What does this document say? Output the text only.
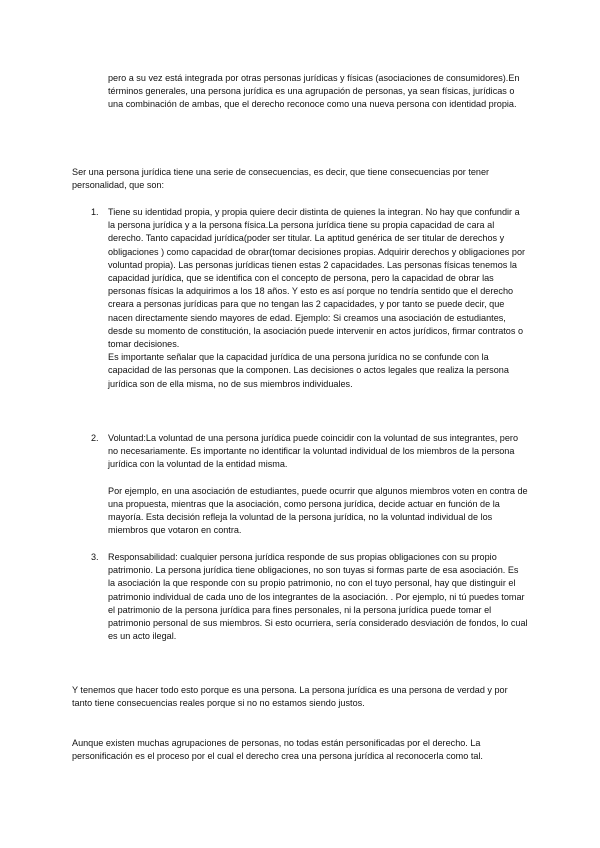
pero a su vez está integrada por otras personas jurídicas y físicas (asociaciones de consumidores).En términos generales, una persona jurídica es una agrupación de personas, ya sean físicas, jurídicas o una combinación de ambas, que el derecho reconoce como una nueva persona con identidad propia.

Ser una persona jurídica tiene una serie de consecuencias, es decir, que tiene consecuencias por tener personalidad, que son:

1. Tiene su identidad propia, y propia quiere decir distinta de quienes la integran. No hay que confundir a la persona jurídica y a la persona física.La persona jurídica tiene su propia capacidad de cara al derecho. Tanto capacidad jurídica(poder ser titular. La aptitud genérica de ser titular de derechos y obligaciones ) como capacidad de obrar(tomar decisiones propias. Adquirir derechos y obligaciones por voluntad propia). Las personas jurídicas tienen estas 2 capacidades. Las personas físicas tenemos la capacidad jurídica, que se identifica con el concepto de persona, pero la capacidad de obrar las personas físicas la adquirimos a los 18 años. Y esto es así porque no tendría sentido que el derecho creara a personas jurídicas para que no tengan las 2 capacidades, y por tanto se puede decir, que nacen directamente siendo mayores de edad. Ejemplo: Si creamos una asociación de estudiantes, desde su momento de constitución, la asociación puede intervenir en actos jurídicos, firmar contratos o tomar decisiones.

Es importante señalar que la capacidad jurídica de una persona jurídica no se confunde con la capacidad de las personas que la componen. Las decisiones o actos legales que realiza la persona jurídica son de ella misma, no de sus miembros individuales.

2. Voluntad:La voluntad de una persona jurídica puede coincidir con la voluntad de sus integrantes, pero no necesariamente. Es importante no identificar la voluntad individual de los miembros de la persona jurídica con la voluntad de la entidad misma.

Por ejemplo, en una asociación de estudiantes, puede ocurrir que algunos miembros voten en contra de una propuesta, mientras que la asociación, como persona jurídica, decide actuar en función de la mayoría. Esta decisión refleja la voluntad de la persona jurídica, no la voluntad individual de los miembros que votaron en contra.

3. Responsabilidad: cualquier persona jurídica responde de sus propias obligaciones con su propio patrimonio. La persona jurídica tiene obligaciones, no son tuyas si formas parte de esa asociación. Es la asociación la que responde con su propio patrimonio, no con el tuyo personal, hay que distinguir el patrimonio individual de cada uno de los integrantes de la asociación. . Por ejemplo, ni tú puedes tomar el patrimonio de la persona jurídica para fines personales, ni la persona jurídica puede tomar el patrimonio personal de sus miembros. Si esto ocurriera, sería considerado desviación de fondos, lo cual es un acto ilegal.

Y tenemos que hacer todo esto porque es una persona. La persona jurídica es una persona de verdad y por tanto tiene consecuencias reales porque si no no estamos siendo justos.

Aunque existen muchas agrupaciones de personas, no todas están personificadas por el derecho. La personificación es el proceso por el cual el derecho crea una persona jurídica al reconocerla como tal.
